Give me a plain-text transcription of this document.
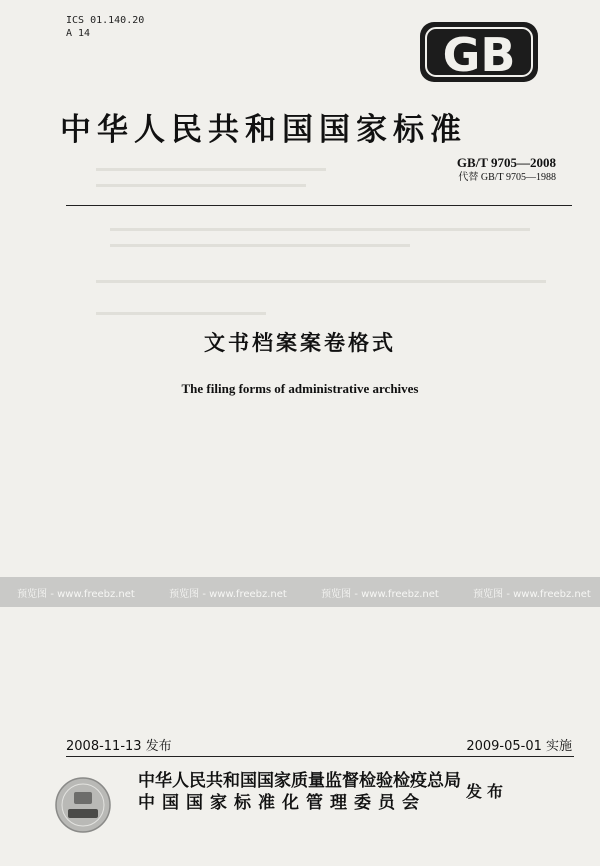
ICS 01.140.20
A 14	GB
中华人民共和国国家标准
GB/T 9705—2008
代替 GB/T 9705—1988
文书档案案卷格式
The filing forms of administrative archives
预览图 - www.freebz.net	预览图 - www.freebz.net	预览图 - www.freebz.net	预览图 - www.freebz.net
2008-11-13 发布	2009-05-01 实施
中华人民共和国国家质量监督检验检疫总局
中国国家标准化管理委员会
发布
